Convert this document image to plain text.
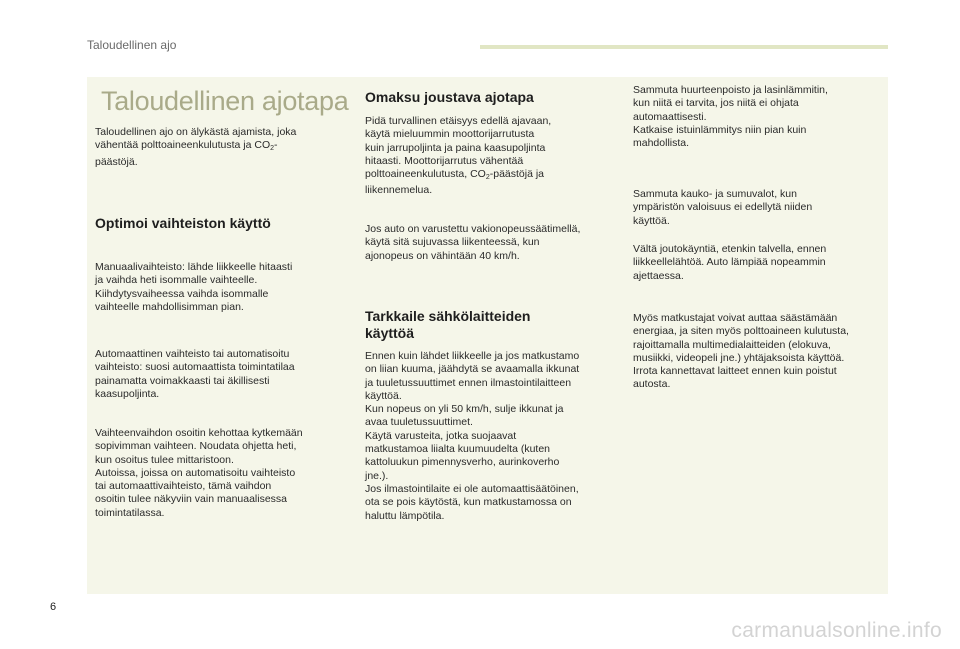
Taloudellinen ajo
Taloudellinen ajotapa

Taloudellinen ajo on älykästä ajamista, joka
vähentää polttoaineenkulutusta ja $CO_2-$
päästöjä.

Optimoi vaihteiston käyttö

Manuaalivaihteisto: lähde liikkeelle hitaasti
ja vaihda heti isommalle vaihteelle.
Kiihdytysvaiheessa vaihda isommalle
vaihteelle mahdollisimman pian.

Automaattinen vaihteisto tai automatisoitu
vaihteisto: suosi automaattista toimintatilaa
painamatta voimakkaasti tai äkillisesti
kaasupoljinta.

Vaihteenvaihdon osoitin kehottaa kytkemään
sopivimman vaihteen. Noudata ohjetta heti,
kun osoitus tulee mittaristoon.
Autoissa, joissa on automatisoitu vaihteisto
tai automaattivaihteisto, tämä vaihdon
osoitin tulee näkyviin vain manuaalisessa
toimintatilassa.

Omaksu joustava ajotapa

Pidä turvallinen etäisyys edellä ajavaan,
käytä mieluummin moottorijarrutusta
kuin jarrupoljinta ja paina kaasupoljinta
hitaasti. Moottorijarrutus vähentää
polttoaineenkulutusta, $CO_2$-päästöjä ja
liikennemelua.

Jos auto on varustettu vakionopeussäätimellä,
käytä sitä sujuvassa liikenteessä, kun
ajonopeus on vähintään 40 km/h.

Tarkkaile sähkölaitteiden
käyttöä

Ennen kuin lähdet liikkeelle ja jos matkustamo
on liian kuuma, jäähdytä se avaamalla ikkunat
ja tuuletussuuttimet ennen ilmastointilaitteen
käyttöä.
Kun nopeus on yli 50 km/h, sulje ikkunat ja
avaa tuuletussuuttimet.
Käytä varusteita, jotka suojaavat
matkustamoa liialta kuumuudelta (kuten
kattoluukun pimennysverho, aurinkoverho
jne.).
Jos ilmastointilaite ei ole automaattisäätöinen,
ota se pois käytöstä, kun matkustamossa on
haluttu lämpötila.

Sammuta huurteenpoisto ja lasinlämmitin,
kun niitä ei tarvita, jos niitä ei ohjata
automaattisesti.
Katkaise istuinlämmitys niin pian kuin
mahdollista.

Sammuta kauko- ja sumuvalot, kun
ympäristön valoisuus ei edellytä niiden
käyttöä.

Vältä joutokäyntiä, etenkin talvella, ennen
liikkeellelähtöä. Auto lämpiää nopeammin
ajettaessa.

Myös matkustajat voivat auttaa säästämään
energiaa, ja siten myös polttoaineen kulutusta,
rajoittamalla multimedialaitteiden (elokuva,
musiikki, videopeli jne.) yhtäjaksoista käyttöä.
Irrota kannettavat laitteet ennen kuin poistut
autosta.

6
carmanualsonline.info
